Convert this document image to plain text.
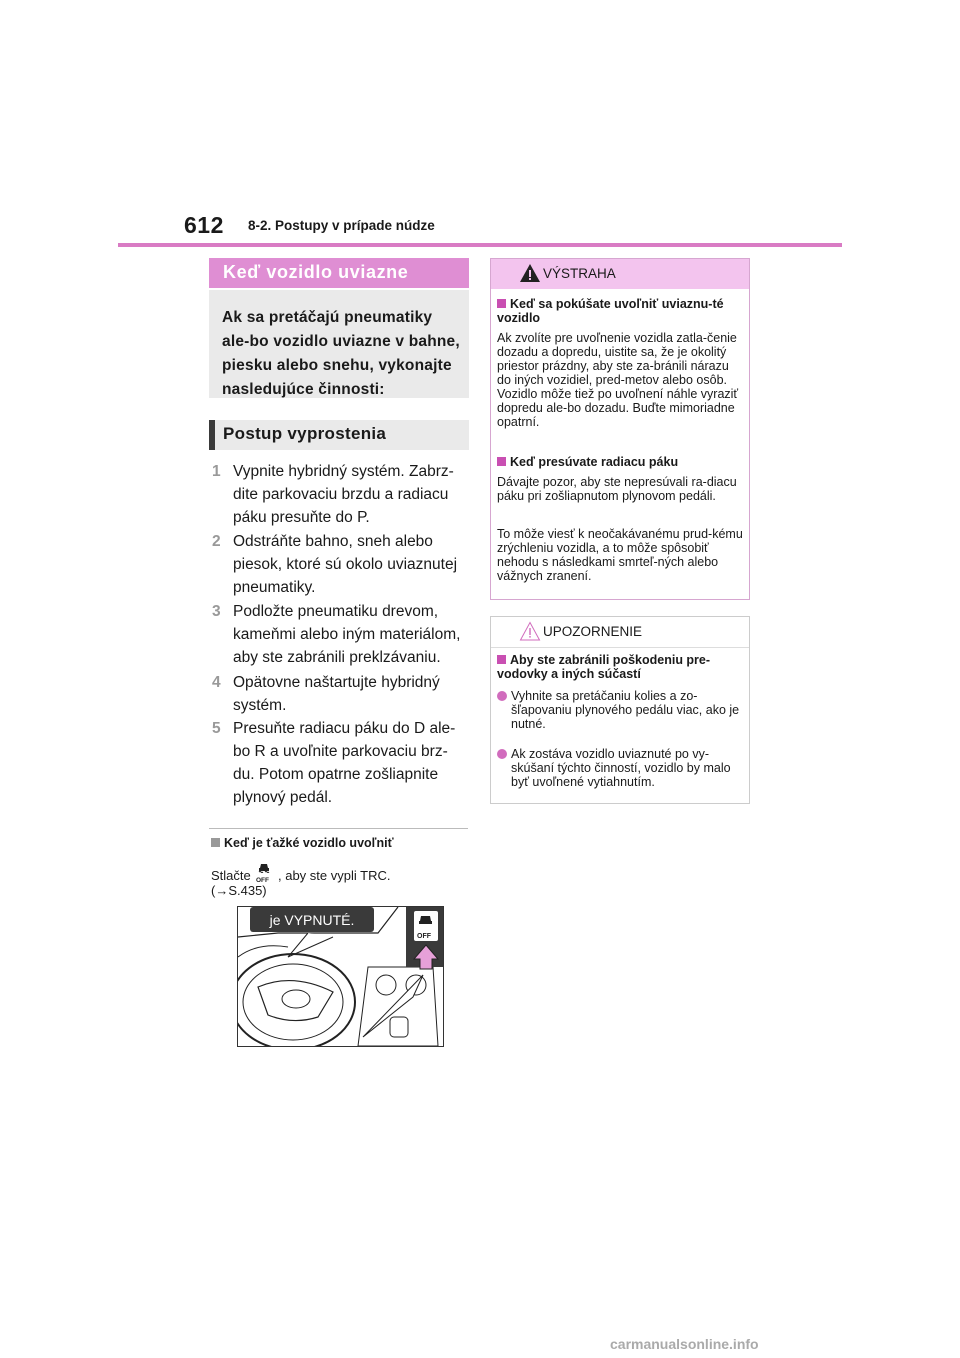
612 8-2. Postupy v prípade núdze
Keď vozidlo uviazne

Ak sa pretáčajú pneumatiky ale-bo vozidlo uviazne v bahne, piesku alebo snehu, vykonajte nasledujúce činnosti:

Postup vyprostenia
1 Vypnite hybridný systém. Zabrz-dite parkovaciu brzdu a radiacu páku presuňte do P.
2 Odstráňte bahno, sneh alebo piesok, ktoré sú okolo uviaznutej pneumatiky.
3 Podložte pneumatiku drevom, kameňmi alebo iným materiálom, aby ste zabránili preklzávaniu.
4 Opätovne naštartujte hybridný systém.
5 Presuňte radiacu páku do D ale-bo R a uvoľnite parkovaciu brz-du. Potom opatrne zošliapnite plynový pedál.
Keď je ťažké vozidlo uvoľniť
Stlačte OFF , aby ste vypli TRC.
(→S.435)
je VYPNUTÉ.
OFF
VÝSTRAHA
Keď sa pokúšate uvoľniť uviaznu-té vozidlo
Ak zvolíte pre uvoľnenie vozidla zatla-čenie dozadu a dopredu, uistite sa, že je okolitý priestor prázdny, aby ste za-bránili nárazu do iných vozidiel, pred-metov alebo osôb. Vozidlo môže tiež po uvoľnení náhle vyraziť dopredu ale-bo dozadu. Buďte mimoriadne opatrní.
Keď presúvate radiacu páku
Dávajte pozor, aby ste nepresúvali ra-diacu páku pri zošliapnutom plynovom pedáli.
To môže viesť k neočakávanému prud-kému zrýchleniu vozidla, a to môže spôsobiť nehodu s následkami smrteľ-ných alebo vážnych zranení.
UPOZORNENIE
Aby ste zabránili poškodeniu pre-vodovky a iných súčastí
Vyhnite sa pretáčaniu kolies a zo-šľapovaniu plynového pedálu viac, ako je nutné.
Ak zostáva vozidlo uviaznuté po vy-skúšaní týchto činností, vozidlo by malo byť uvoľnené vytiahnutím.
carmanualsonline.info
